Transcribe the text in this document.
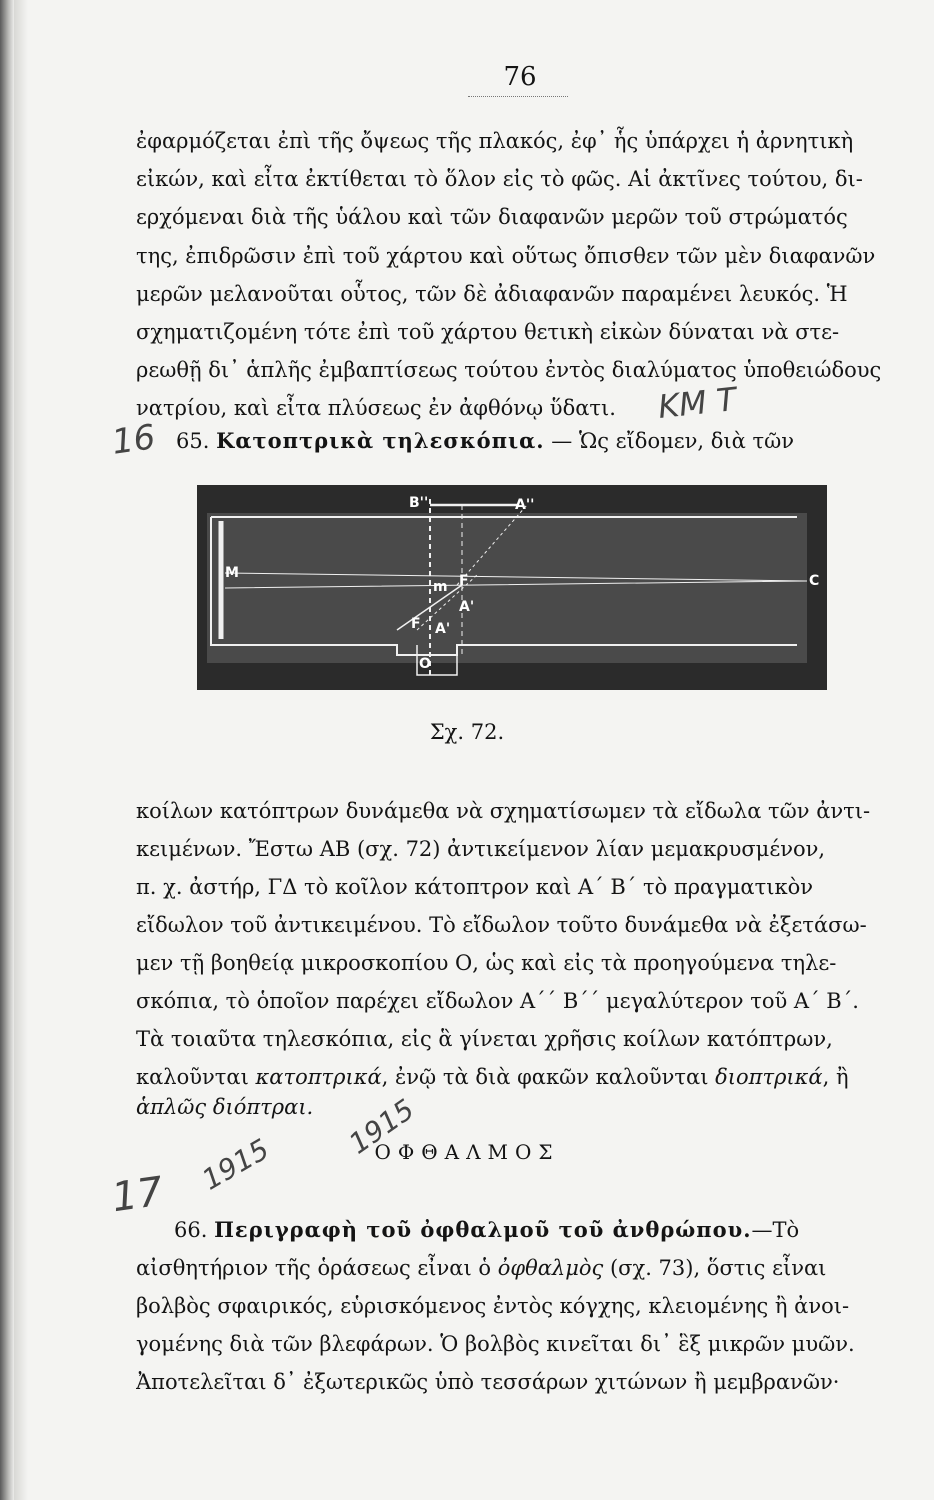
76
ἐφαρμόζεται ἐπὶ τῆς ὄψεως τῆς πλακός, ἐφ᾽ ἧς ὑπάρχει ἡ ἀρνητικὴ
εἰκών, καὶ εἶτα ἐκτίθεται τὸ ὅλον εἰς τὸ φῶς. Αἱ ἀκτῖνες τούτου, δι-
ερχόμεναι διὰ τῆς ὑάλου καὶ τῶν διαφανῶν μερῶν τοῦ στρώματός
της, ἐπιδρῶσιν ἐπὶ τοῦ χάρτου καὶ οὕτως ὄπισθεν τῶν μὲν διαφανῶν
μερῶν μελανοῦται οὗτος, τῶν δὲ ἀδιαφανῶν παραμένει λευκός. Ἡ
σχηματιζομένη τότε ἐπὶ τοῦ χάρτου θετικὴ εἰκὼν δύναται νὰ στε-
ρεωθῇ δι᾽ ἁπλῆς ἐμβαπτίσεως τούτου ἐντὸς διαλύματος ὑποθειώδους
νατρίου, καὶ εἶτα πλύσεως ἐν ἀφθόνῳ ὕδατι.
65. Κατοπτρικὰ τηλεσκόπια. — Ὡς εἴδομεν, διὰ τῶν
B''	A''
M
m F	C
A'
F A'
O
Σχ. 72.
κοίλων κατόπτρων δυνάμεθα νὰ σχηματίσωμεν τὰ εἴδωλα τῶν ἀντι-
κειμένων. Ἔστω ΑΒ (σχ. 72) ἀντικείμενον λίαν μεμακρυσμένον,
π. χ. ἀστήρ, ΓΔ τὸ κοῖλον κάτοπτρον καὶ Α΄ Β΄ τὸ πραγματικὸν
εἴδωλον τοῦ ἀντικειμένου. Τὸ εἴδωλον τοῦτο δυνάμεθα νὰ ἐξετάσω-
μεν τῇ βοηθείᾳ μικροσκοπίου Ο, ὡς καὶ εἰς τὰ προηγούμενα τηλε-
σκόπια, τὸ ὁποῖον παρέχει εἴδωλον Α΄΄ Β΄΄ μεγαλύτερον τοῦ Α΄ Β΄.
Τὰ τοιαῦτα τηλεσκόπια, εἰς ἃ γίνεται χρῆσις κοίλων κατόπτρων,
καλοῦνται κατοπτρικά, ἐνῷ τὰ διὰ φακῶν καλοῦνται διοπτρικά, ἢ
ἁπλῶς διόπτραι.
ΟΦΘΑΛΜΟΣ
66. Περιγραφὴ τοῦ ὀφθαλμοῦ τοῦ ἀνθρώπου.—Τὸ
αἰσθητήριον τῆς ὁράσεως εἶναι ὁ ὀφθαλμὸς (σχ. 73), ὅστις εἶναι
βολβὸς σφαιρικός, εὑρισκόμενος ἐντὸς κόγχης, κλειομένης ἢ ἀνοι-
γομένης διὰ τῶν βλεφάρων. Ὁ βολβὸς κινεῖται δι᾽ ἓξ μικρῶν μυῶν.
Ἀποτελεῖται δ᾽ ἐξωτερικῶς ὑπὸ τεσσάρων χιτώνων ἢ μεμβρανῶν·
16
ΚΜ Τ
17 1915
1915
